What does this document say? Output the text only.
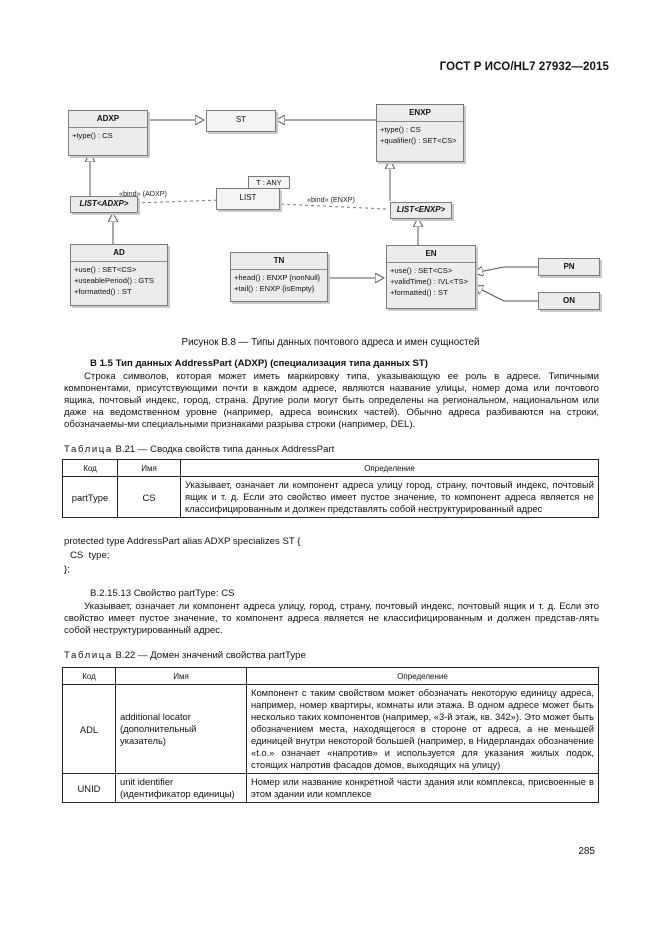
ГОСТ Р ИСО/HL7 27932—2015
ADXP
+type() : CS
ST
ENXP
+type() : CS
+qualifier() : SET<CS>
T : ANY
LIST
LIST<ADXP>
LIST<ENXP>
«bind» (ADXP)
«bind» (ENXP)
AD
+use() : SET<CS>
+useablePeriod() : GTS
+formatted() : ST
TN
+head() : ENXP {nonNull}
+tail() : ENXP {isEmpty}
EN
+use() : SET<CS>
+validTime() : IVL<TS>
+formatted() : ST
PN
ON
Рисунок В.8 — Типы данных почтового адреса и имен сущностей
В 1.5 Тип данных AddressPart (ADXP) (специализация типа данных ST)
Строка символов, которая может иметь маркировку типа, указывающую ее роль в адресе. Типичными компонентами, присутствующими почти в каждом адресе, являются название улицы, номер дома или почтового ящика, почтовый индекс, город, страна. Другие роли могут быть определены на региональном, национальном или даже на ведомственном уровне (например, адреса воинских частей). Обычно адреса разбиваются на строки, обозначаемы-ми специальными признаками разрыва строки (например, DEL).
Таблица В.21 — Сводка свойств типа данных AddressPart
Код	Имя	Определение
partType	CS	Указывает, означает ли компонент адреса улицу город, страну, почтовый индекс, почтовый ящик и т. д. Если это свойство имеет пустое значение, то компонент адреса является не классифицированным и должен представлять собой неструктурированный адрес
protected type AddressPart alias ADXP specializes ST {
CS  type;
};
В.2.15.13 Свойство partType: CS
Указывает, означает ли компонент адреса улицу, город, страну, почтовый индекс, почтовый ящик и т. д. Если это свойство имеет пустое значение, то компонент адреса является не классифицированным и должен представ-лять собой неструктурированный адрес.
Таблица В.22 — Домен значений свойства partType
Код	Имя	Определение
ADL	additional locator (дополнительный указатель)	Компонент с таким свойством может обозначать некоторую единицу адреса, например, номер квартиры, комнаты или этажа. В одном адресе может быть несколько таких компонентов (например, «3-й этаж, кв. 342»). Это может быть обозначением места, находящегося в стороне от адреса, а не меньшей единицей внутри некоторой большей (например, в Нидерландах обозначение «t.o.» означает «напротив» и используется для указания жилых лодок, стоящих напротив фасадов домов, выходящих на улицу)
UNID	unit identifier (идентификатор единицы)	Номер или название конкретной части здания или комплекса, присвоенные в этом здании или комплексе
285
